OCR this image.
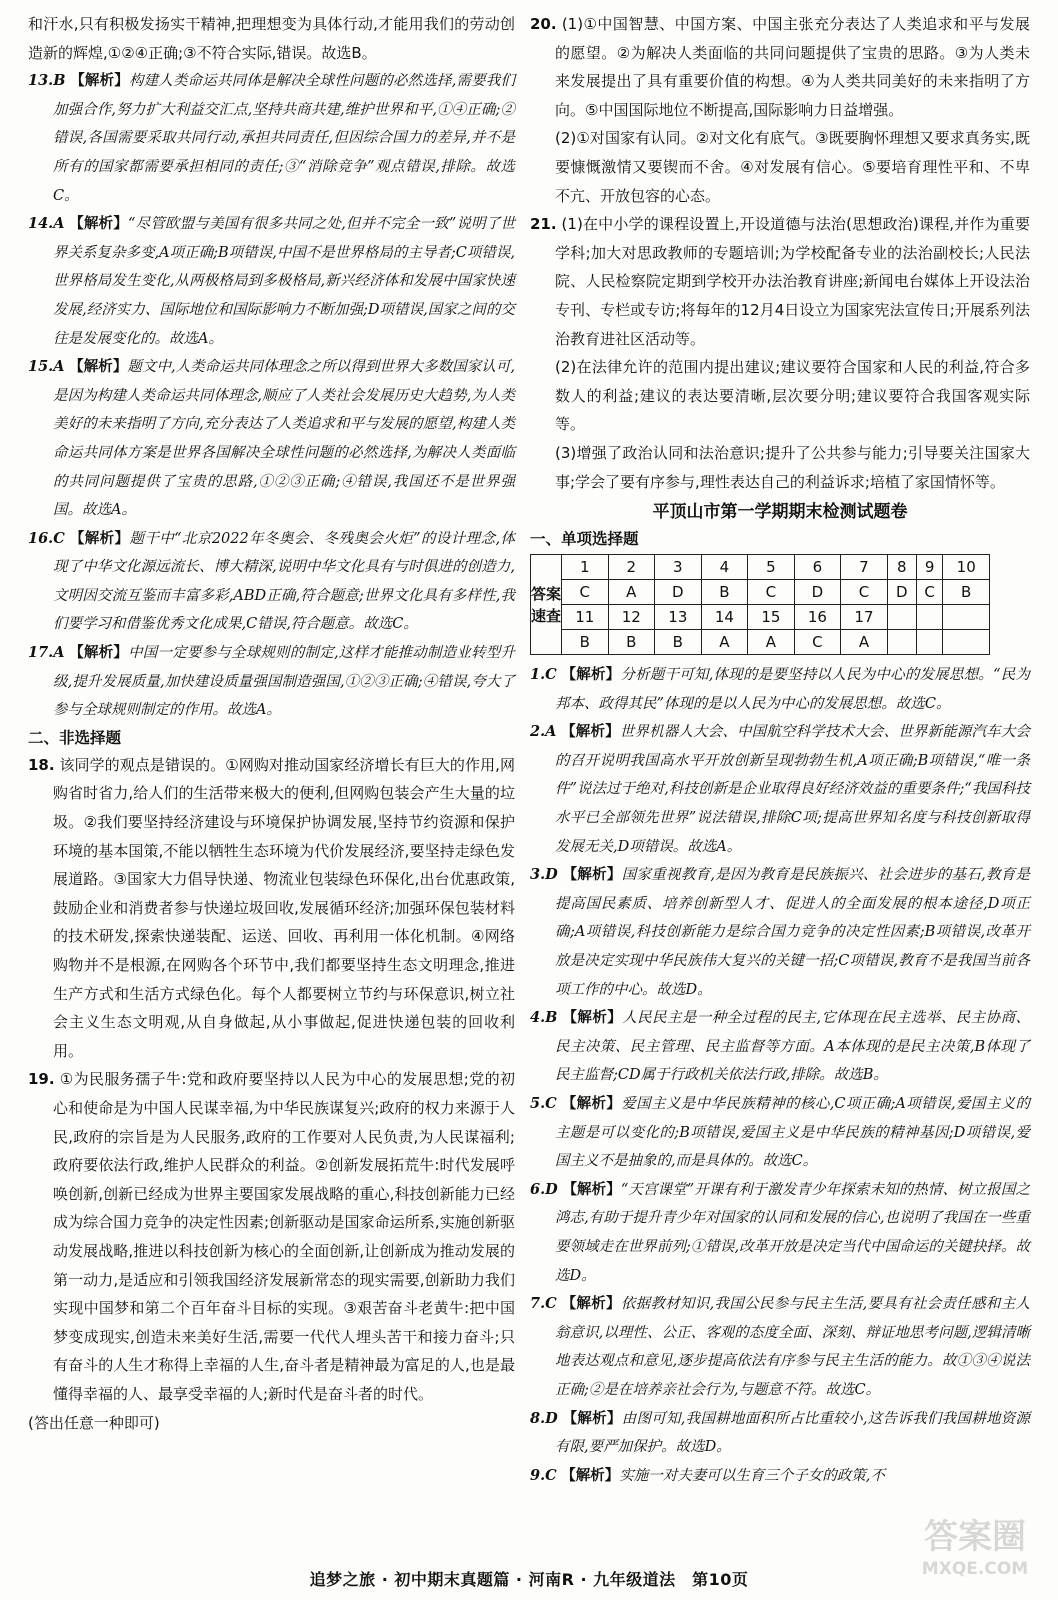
和汗水,只有积极发扬实干精神,把理想变为具体行动,才能用我们的劳动创造新的辉煌,①②④正确;③不符合实际,错误。故选B。

13.B 【解析】构建人类命运共同体是解决全球性问题的必然选择,需要我们加强合作,努力扩大利益交汇点,坚持共商共建,维护世界和平,①④正确;②错误,各国需要采取共同行动,承担共同责任,但因综合国力的差异,并不是所有的国家都需要承担相同的责任;③“消除竞争”观点错误,排除。故选C。

14.A 【解析】“尽管欧盟与美国有很多共同之处,但并不完全一致”说明了世界关系复杂多变,A项正确;B项错误,中国不是世界格局的主导者;C项错误,世界格局发生变化,从两极格局到多极格局,新兴经济体和发展中国家快速发展,经济实力、国际地位和国际影响力不断加强;D项错误,国家之间的交往是发展变化的。故选A。

15.A 【解析】题文中,人类命运共同体理念之所以得到世界大多数国家认可,是因为构建人类命运共同体理念,顺应了人类社会发展历史大趋势,为人类美好的未来指明了方向,充分表达了人类追求和平与发展的愿望,构建人类命运共同体方案是世界各国解决全球性问题的必然选择,为解决人类面临的共同问题提供了宝贵的思路,①②③正确;④错误,我国还不是世界强国。故选A。

16.C 【解析】题干中“北京2022年冬奥会、冬残奥会火炬”的设计理念,体现了中华文化源远流长、博大精深,说明中华文化具有与时俱进的创造力,文明因交流互鉴而丰富多彩,ABD正确,符合题意;世界文化具有多样性,我们要学习和借鉴优秀文化成果,C错误,符合题意。故选C。

17.A 【解析】中国一定要参与全球规则的制定,这样才能推动制造业转型升级,提升发展质量,加快建设质量强国制造强国,①②③正确;④错误,夸大了参与全球规则制定的作用。故选A。

二、非选择题

18. 该同学的观点是错误的。①网购对推动国家经济增长有巨大的作用,网购省时省力,给人们的生活带来极大的便利,但网购包装会产生大量的垃圾。②我们要坚持经济建设与环境保护协调发展,坚持节约资源和保护环境的基本国策,不能以牺牲生态环境为代价发展经济,要坚持走绿色发展道路。③国家大力倡导快递、物流业包装绿色环保化,出台优惠政策,鼓励企业和消费者参与快递垃圾回收,发展循环经济;加强环保包装材料的技术研发,探索快递装配、运送、回收、再利用一体化机制。④网络购物并不是根源,在网购各个环节中,我们都要坚持生态文明理念,推进生产方式和生活方式绿色化。每个人都要树立节约与环保意识,树立社会主义生态文明观,从自身做起,从小事做起,促进快递包装的回收利用。

19. ①为民服务孺子牛:党和政府要坚持以人民为中心的发展思想;党的初心和使命是为中国人民谋幸福,为中华民族谋复兴;政府的权力来源于人民,政府的宗旨是为人民服务,政府的工作要对人民负责,为人民谋福利;政府要依法行政,维护人民群众的利益。②创新发展拓荒牛:时代发展呼唤创新,创新已经成为世界主要国家发展战略的重心,科技创新能力已经成为综合国力竞争的决定性因素;创新驱动是国家命运所系,实施创新驱动发展战略,推进以科技创新为核心的全面创新,让创新成为推动发展的第一动力,是适应和引领我国经济发展新常态的现实需要,创新助力我们实现中国梦和第二个百年奋斗目标的实现。③艰苦奋斗老黄牛:把中国梦变成现实,创造未来美好生活,需要一代代人埋头苦干和接力奋斗;只有奋斗的人生才称得上幸福的人生,奋斗者是精神最为富足的人,也是最懂得幸福的人、最享受幸福的人;新时代是奋斗者的时代。

(答出任意一种即可)

20. (1)①中国智慧、中国方案、中国主张充分表达了人类追求和平与发展的愿望。②为解决人类面临的共同问题提供了宝贵的思路。③为人类未来发展提出了具有重要价值的构想。④为人类共同美好的未来指明了方向。⑤中国国际地位不断提高,国际影响力日益增强。

(2)①对国家有认同。②对文化有底气。③既要胸怀理想又要求真务实,既要慷慨激情又要锲而不舍。④对发展有信心。⑤要培育理性平和、不卑不亢、开放包容的心态。

21. (1)在中小学的课程设置上,开设道德与法治(思想政治)课程,并作为重要学科;加大对思政教师的专题培训;为学校配备专业的法治副校长;人民法院、人民检察院定期到学校开办法治教育讲座;新闻电台媒体上开设法治专刊、专栏或专访;将每年的12月4日设立为国家宪法宣传日;开展系列法治教育进社区活动等。

(2)在法律允许的范围内提出建议;建议要符合国家和人民的利益,符合多数人的利益;建议的表达要清晰,层次要分明;建议要符合我国客观实际等。

(3)增强了政治认同和法治意识;提升了公共参与能力;引导要关注国家大事;学会了要有序参与,理性表达自己的利益诉求;培植了家国情怀等。

平顶山市第一学期期末检测试题卷
一、单项选择题
答案速查	1	2	3	4	5	6	7	8	9	10
	C	A	D	B	C	D	C	D	C	B
	11	12	13	14	15	16	17			
	B	B	B	A	A	C	A			

1.C 【解析】分析题干可知,体现的是要坚持以人民为中心的发展思想。“民为邦本、政得其民”体现的是以人民为中心的发展思想。故选C。

2.A 【解析】世界机器人大会、中国航空科学技术大会、世界新能源汽车大会的召开说明我国高水平开放创新呈现勃勃生机,A项正确;B项错误,“唯一条件”说法过于绝对,科技创新是企业取得良好经济效益的重要条件;“我国科技水平已全部领先世界”说法错误,排除C项;提高世界知名度与科技创新取得发展无关,D项错误。故选A。

3.D 【解析】国家重视教育,是因为教育是民族振兴、社会进步的基石,教育是提高国民素质、培养创新型人才、促进人的全面发展的根本途径,D项正确;A项错误,科技创新能力是综合国力竞争的决定性因素;B项错误,改革开放是决定实现中华民族伟大复兴的关键一招;C项错误,教育不是我国当前各项工作的中心。故选D。

4.B 【解析】人民民主是一种全过程的民主,它体现在民主选举、民主协商、民主决策、民主管理、民主监督等方面。A本体现的是民主决策,B体现了民主监督;CD属于行政机关依法行政,排除。故选B。

5.C 【解析】爱国主义是中华民族精神的核心,C项正确;A项错误,爱国主义的主题是可以变化的;B项错误,爱国主义是中华民族的精神基因;D项错误,爱国主义不是抽象的,而是具体的。故选C。

6.D 【解析】“天宫课堂”开课有利于激发青少年探索未知的热情、树立报国之鸿志,有助于提升青少年对国家的认同和发展的信心,也说明了我国在一些重要领域走在世界前列;①错误,改革开放是决定当代中国命运的关键抉择。故选D。

7.C 【解析】依据教材知识,我国公民参与民主生活,要具有社会责任感和主人翁意识,以理性、公正、客观的态度全面、深刻、辩证地思考问题,逻辑清晰地表达观点和意见,逐步提高依法有序参与民主生活的能力。故①③④说法正确;②是在培养亲社会行为,与题意不符。故选C。

8.D 【解析】由图可知,我国耕地面积所占比重较小,这告诉我们我国耕地资源有限,要严加保护。故选D。

9.C 【解析】实施一对夫妻可以生育三个子女的政策,不

追梦之旅 · 初中期末真题篇 · 河南R · 九年级道法　第10页
答案圈
MXQE.COM
